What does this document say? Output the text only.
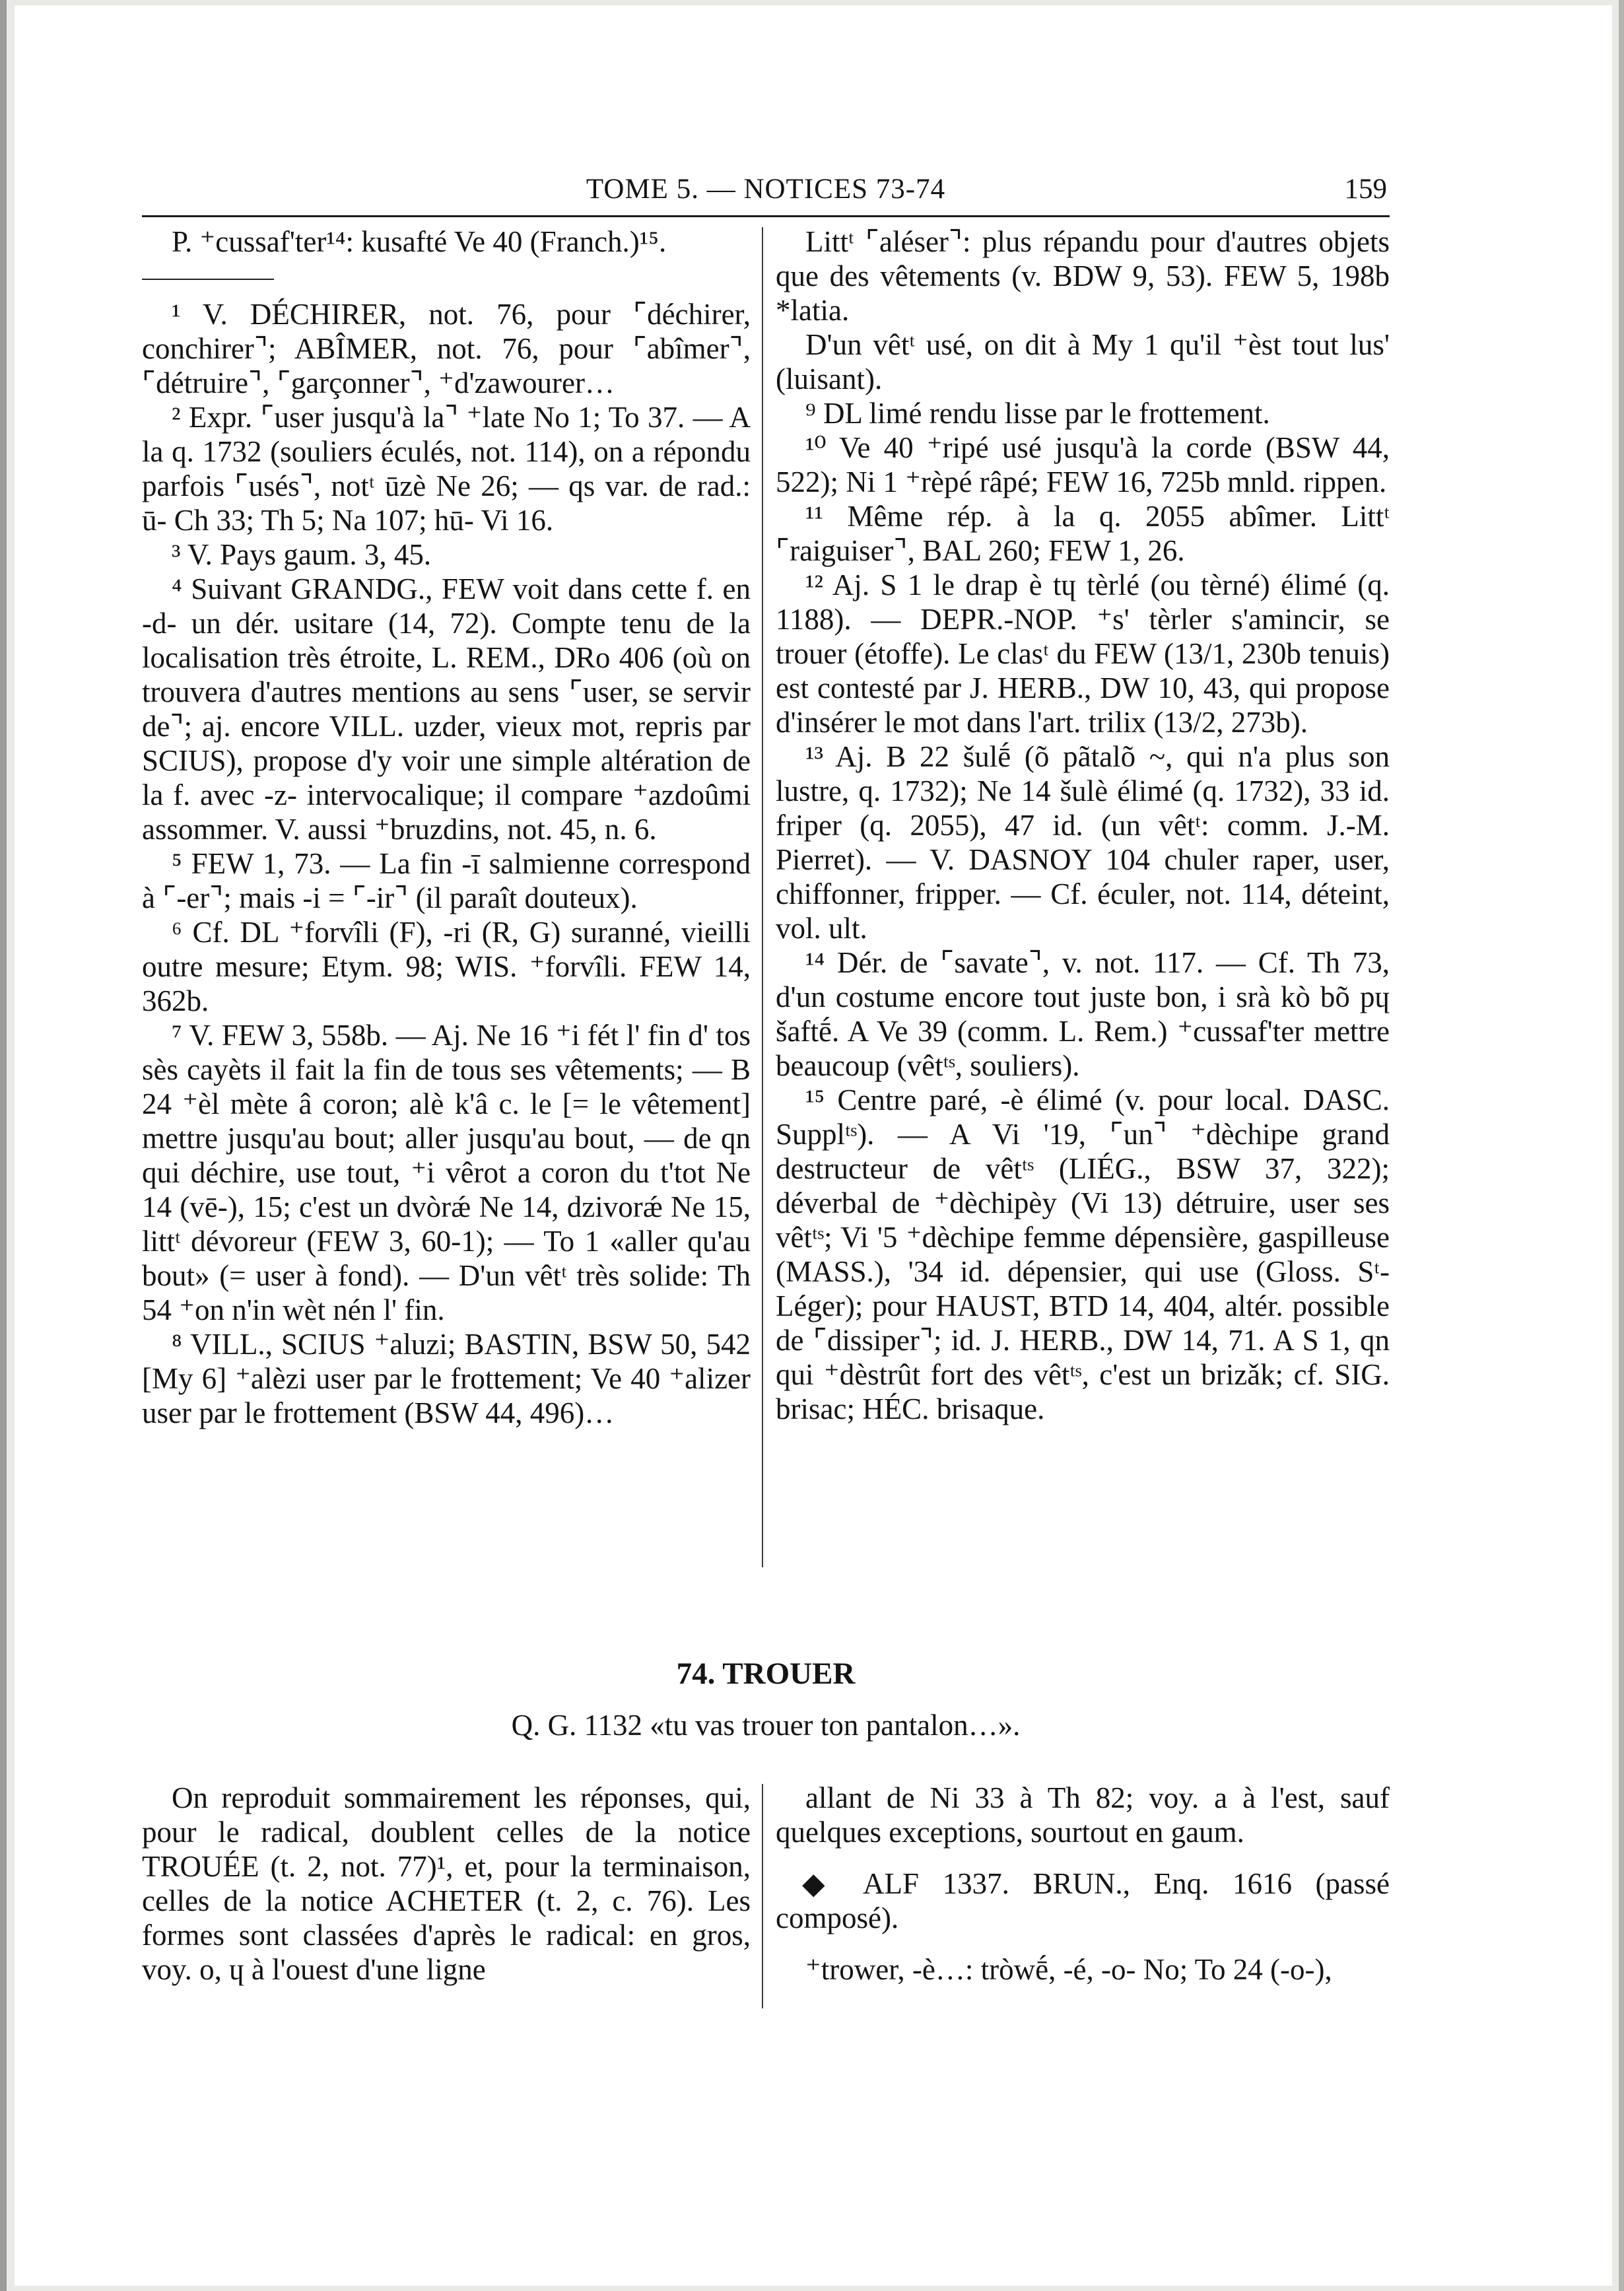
TOME 5. — NOTICES 73-74	159

P. ⁺cussaf'ter¹⁴: kusafté Ve 40 (Franch.)¹⁵.

¹ V. DÉCHIRER, not. 76, pour ⌜déchirer, conchirer⌝; ABÎMER, not. 76, pour ⌜abîmer⌝, ⌜détruire⌝, ⌜garçonner⌝, ⁺d'zawourer…

² Expr. ⌜user jusqu'à la⌝ ⁺late No 1; To 37. — A la q. 1732 (souliers éculés, not. 114), on a répondu parfois ⌜usés⌝, notᵗ ūzè Ne 26; — qs var. de rad.: ū- Ch 33; Th 5; Na 107; hū- Vi 16.

³ V. Pays gaum. 3, 45.

⁴ Suivant GRANDG., FEW voit dans cette f. en -d- un dér. usitare (14, 72). Compte tenu de la localisation très étroite, L. REM., DRo 406 (où on trouvera d'autres mentions au sens ⌜user, se servir de⌝; aj. encore VILL. uzder, vieux mot, repris par SCIUS), propose d'y voir une simple altération de la f. avec -z- intervocalique; il compare ⁺azdoûmi assommer. V. aussi ⁺bruzdins, not. 45, n. 6.

⁵ FEW 1, 73. — La fin -ī salmienne correspond à ⌜-er⌝; mais -i = ⌜-ir⌝ (il paraît douteux).

⁶ Cf. DL ⁺forvîli (F), -ri (R, G) suranné, vieilli outre mesure; Etym. 98; WIS. ⁺forvîli. FEW 14, 362b.

⁷ V. FEW 3, 558b. — Aj. Ne 16 ⁺i fét l' fin d' tos sès cayèts il fait la fin de tous ses vêtements; — B 24 ⁺èl mète â coron; alè k'â c. le [= le vêtement] mettre jusqu'au bout; aller jusqu'au bout, — de qn qui déchire, use tout, ⁺i vêrot a coron du t'tot Ne 14 (vē-), 15; c'est un dvòrǽ Ne 14, dzivorǽ Ne 15, littᵗ dévoreur (FEW 3, 60-1); — To 1 «aller qu'au bout» (= user à fond). — D'un vêtᵗ très solide: Th 54 ⁺on n'in wèt nén l' fin.

⁸ VILL., SCIUS ⁺aluzi; BASTIN, BSW 50, 542 [My 6] ⁺alèzi user par le frottement; Ve 40 ⁺alizer user par le frottement (BSW 44, 496)…

Littᵗ ⌜aléser⌝: plus répandu pour d'autres objets que des vêtements (v. BDW 9, 53). FEW 5, 198b *latia.

D'un vêtᵗ usé, on dit à My 1 qu'il ⁺èst tout lus' (luisant).

⁹ DL limé rendu lisse par le frottement.

¹⁰ Ve 40 ⁺ripé usé jusqu'à la corde (BSW 44, 522); Ni 1 ⁺rèpé râpé; FEW 16, 725b mnld. rippen.

¹¹ Même rép. à la q. 2055 abîmer. Littᵗ ⌜raiguiser⌝, BAL 260; FEW 1, 26.

¹² Aj. S 1 le drap è tɥ tèrlé (ou tèrné) élimé (q. 1188). — DEPR.-NOP. ⁺s' tèrler s'amincir, se trouer (étoffe). Le clasᵗ du FEW (13/1, 230b tenuis) est contesté par J. HERB., DW 10, 43, qui propose d'insérer le mot dans l'art. trilix (13/2, 273b).

¹³ Aj. B 22 šulḗ (õ pãtalõ ~, qui n'a plus son lustre, q. 1732); Ne 14 šulè élimé (q. 1732), 33 id. friper (q. 2055), 47 id. (un vêtᵗ: comm. J.-M. Pierret). — V. DASNOY 104 chuler raper, user, chiffonner, fripper. — Cf. éculer, not. 114, déteint, vol. ult.

¹⁴ Dér. de ⌜savate⌝, v. not. 117. — Cf. Th 73, d'un costume encore tout juste bon, i srà kò bõ pɥ šaftḗ. A Ve 39 (comm. L. Rem.) ⁺cussaf'ter mettre beaucoup (vêtᵗˢ, souliers).

¹⁵ Centre paré, -è élimé (v. pour local. DASC. Supplᵗˢ). — A Vi '19, ⌜un⌝ ⁺dèchipe grand destructeur de vêtᵗˢ (LIÉG., BSW 37, 322); déverbal de ⁺dèchipèy (Vi 13) détruire, user ses vêtᵗˢ; Vi '5 ⁺dèchipe femme dépensière, gaspilleuse (MASS.), '34 id. dépensier, qui use (Gloss. Sᵗ-Léger); pour HAUST, BTD 14, 404, altér. possible de ⌜dissiper⌝; id. J. HERB., DW 14, 71. A S 1, qn qui ⁺dèstrût fort des vêtᵗˢ, c'est un brizǎk; cf. SIG. brisac; HÉC. brisaque.

74. TROUER
Q. G. 1132 «tu vas trouer ton pantalon…».

On reproduit sommairement les réponses, qui, pour le radical, doublent celles de la notice TROUÉE (t. 2, not. 77)¹, et, pour la terminaison, celles de la notice ACHETER (t. 2, c. 76). Les formes sont classées d'après le radical: en gros, voy. o, ɥ à l'ouest d'une ligne

allant de Ni 33 à Th 82; voy. a à l'est, sauf quelques exceptions, sourtout en gaum.

◆ ALF 1337. BRUN., Enq. 1616 (passé composé).

⁺trower, -è…: tròwḗ, -é, -o- No; To 24 (-o-),
